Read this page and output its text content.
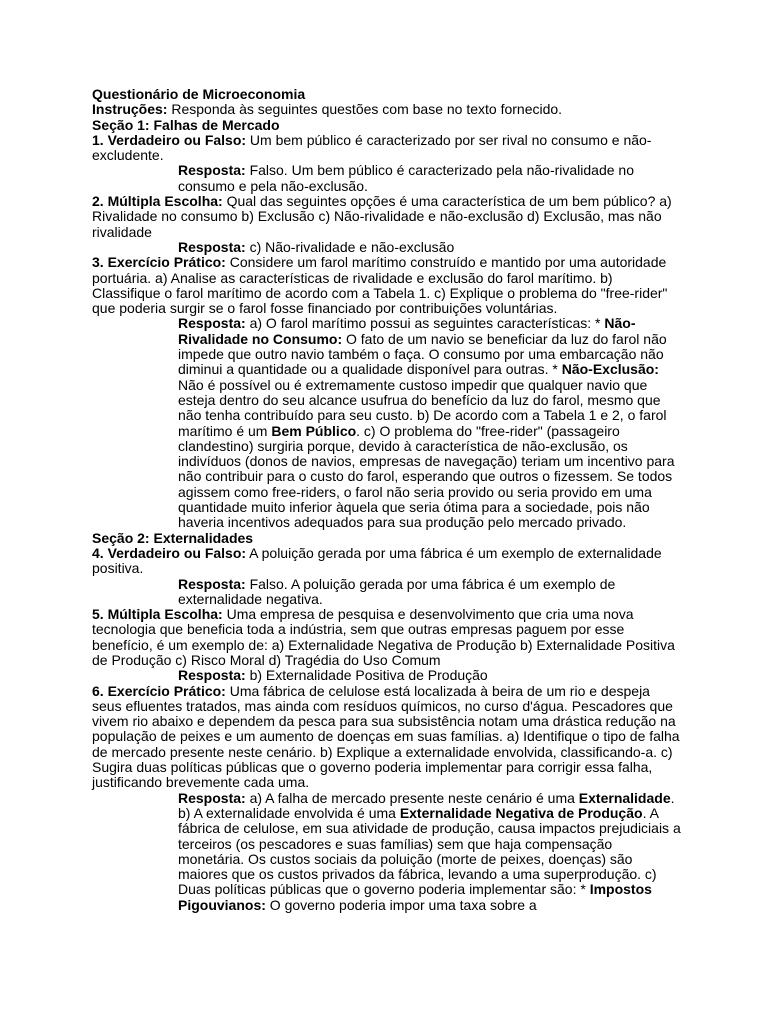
Questionário de Microeconomia

Instruções: Responda às seguintes questões com base no texto fornecido.

Seção 1: Falhas de Mercado

1. Verdadeiro ou Falso: Um bem público é caracterizado por ser rival no consumo e não-excludente.

Resposta: Falso. Um bem público é caracterizado pela não-rivalidade no consumo e pela não-exclusão.

2. Múltipla Escolha: Qual das seguintes opções é uma característica de um bem público? a) Rivalidade no consumo b) Exclusão c) Não-rivalidade e não-exclusão d) Exclusão, mas não rivalidade

Resposta: c) Não-rivalidade e não-exclusão

3. Exercício Prático: Considere um farol marítimo construído e mantido por uma autoridade portuária. a) Analise as características de rivalidade e exclusão do farol marítimo. b) Classifique o farol marítimo de acordo com a Tabela 1. c) Explique o problema do "free-rider" que poderia surgir se o farol fosse financiado por contribuições voluntárias.

Resposta: a) O farol marítimo possui as seguintes características: * Não-Rivalidade no Consumo: O fato de um navio se beneficiar da luz do farol não impede que outro navio também o faça. O consumo por uma embarcação não diminui a quantidade ou a qualidade disponível para outras. * Não-Exclusão: Não é possível ou é extremamente custoso impedir que qualquer navio que esteja dentro do seu alcance usufrua do benefício da luz do farol, mesmo que não tenha contribuído para seu custo. b) De acordo com a Tabela 1 e 2, o farol marítimo é um Bem Público. c) O problema do "free-rider" (passageiro clandestino) surgiria porque, devido à característica de não-exclusão, os indivíduos (donos de navios, empresas de navegação) teriam um incentivo para não contribuir para o custo do farol, esperando que outros o fizessem. Se todos agissem como free-riders, o farol não seria provido ou seria provido em uma quantidade muito inferior àquela que seria ótima para a sociedade, pois não haveria incentivos adequados para sua produção pelo mercado privado.

Seção 2: Externalidades

4. Verdadeiro ou Falso: A poluição gerada por uma fábrica é um exemplo de externalidade positiva.

Resposta: Falso. A poluição gerada por uma fábrica é um exemplo de externalidade negativa.

5. Múltipla Escolha: Uma empresa de pesquisa e desenvolvimento que cria uma nova tecnologia que beneficia toda a indústria, sem que outras empresas paguem por esse benefício, é um exemplo de: a) Externalidade Negativa de Produção b) Externalidade Positiva de Produção c) Risco Moral d) Tragédia do Uso Comum

Resposta: b) Externalidade Positiva de Produção

6. Exercício Prático: Uma fábrica de celulose está localizada à beira de um rio e despeja seus efluentes tratados, mas ainda com resíduos químicos, no curso d'água. Pescadores que vivem rio abaixo e dependem da pesca para sua subsistência notam uma drástica redução na população de peixes e um aumento de doenças em suas famílias. a) Identifique o tipo de falha de mercado presente neste cenário. b) Explique a externalidade envolvida, classificando-a. c) Sugira duas políticas públicas que o governo poderia implementar para corrigir essa falha, justificando brevemente cada uma.

Resposta: a) A falha de mercado presente neste cenário é uma Externalidade. b) A externalidade envolvida é uma Externalidade Negativa de Produção. A fábrica de celulose, em sua atividade de produção, causa impactos prejudiciais a terceiros (os pescadores e suas famílias) sem que haja compensação monetária. Os custos sociais da poluição (morte de peixes, doenças) são maiores que os custos privados da fábrica, levando a uma superprodução. c) Duas políticas públicas que o governo poderia implementar são: * Impostos Pigouvianos: O governo poderia impor uma taxa sobre a
